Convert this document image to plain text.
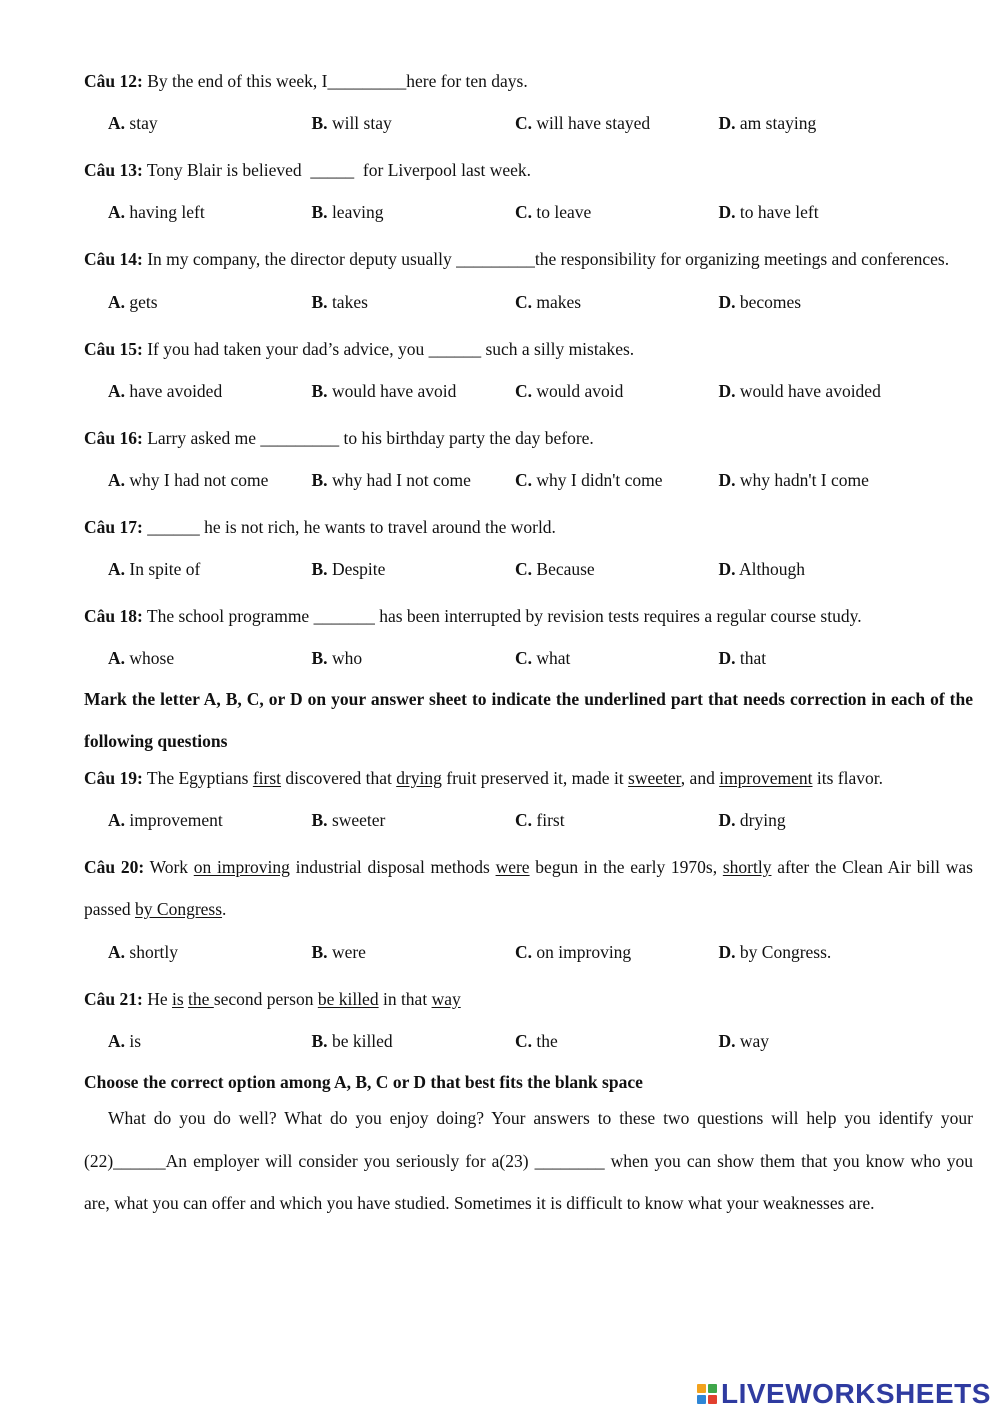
Câu 12: By the end of this week, I_________here for ten days.
A. stay	B. will stay	C. will have stayed	D. am staying
Câu 13: Tony Blair is believed  _____  for Liverpool last week.
A. having left	B. leaving	C. to leave	D. to have left
Câu 14: In my company, the director deputy usually _________the responsibility for organizing meetings and conferences.
A. gets	B. takes	C. makes	D. becomes
Câu 15: If you had taken your dad’s advice, you ______ such a silly mistakes.
A. have avoided	B. would have avoid	C. would avoid	D. would have avoided
Câu 16: Larry asked me _________ to his birthday party the day before.
A. why I had not come	B. why had I not come	C. why I didn't come	D. why hadn't I come
Câu 17: ______ he is not rich, he wants to travel around the world.
A. In spite of	B. Despite	C. Because	D. Although
Câu 18: The school programme _______ has been interrupted by revision tests requires a regular course study.
A. whose	B. who	C. what	D. that
Mark the letter A, B, C, or D on your answer sheet to indicate the underlined part that needs correction in each of the following questions
Câu 19: The Egyptians first discovered that drying fruit preserved it, made it sweeter, and improvement its flavor.
A. improvement	B. sweeter	C. first	D. drying
Câu 20: Work on improving industrial disposal methods were begun in the early 1970s, shortly after the Clean Air bill was passed by Congress.
A. shortly	B. were	C. on improving	D. by Congress.
Câu 21: He is the second person be killed in that way
A. is	B. be killed	C. the	D. way
Choose the correct option among A, B, C or D that best fits the blank space
What do you do well? What do you enjoy doing? Your answers to these two questions will help you identify your (22)______An employer will consider you seriously for a(23) ________ when you can show them that you know who you are, what you can offer and which you have studied. Sometimes it is difficult to know what your weaknesses are.
LIVEWORKSHEETS
